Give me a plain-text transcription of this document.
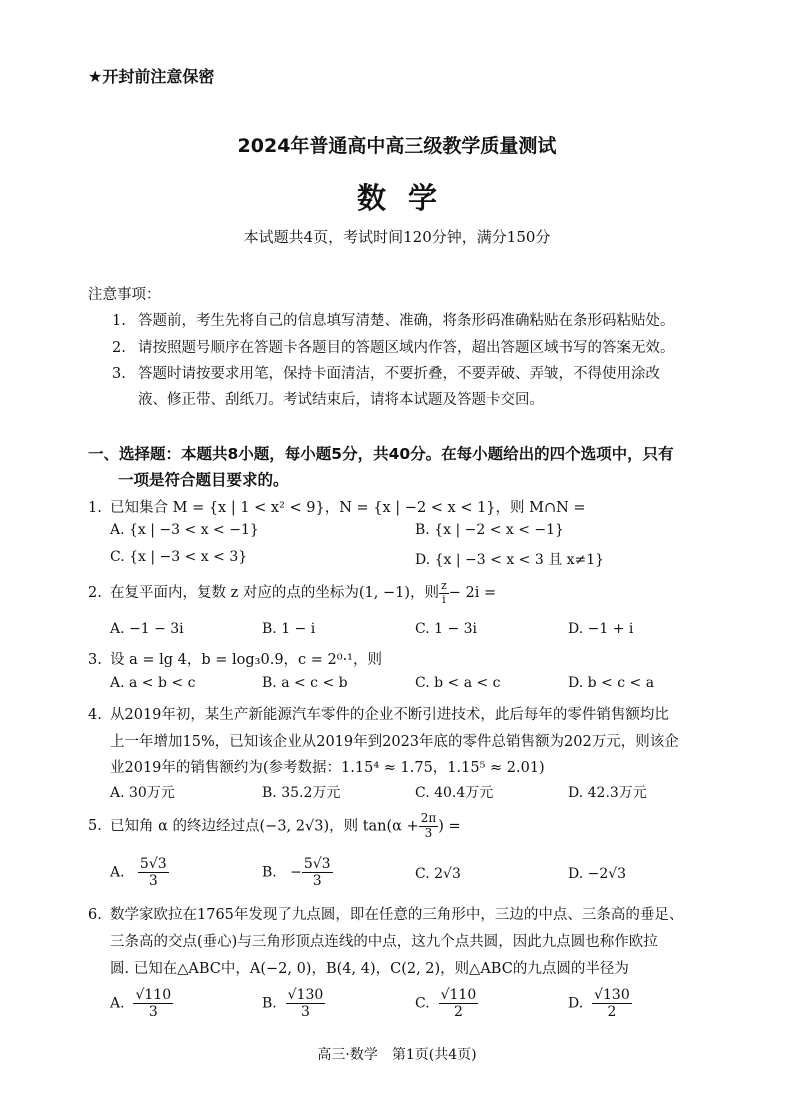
★开封前注意保密
2024年普通高中高三级教学质量测试
数学
本试题共4页，考试时间120分钟，满分150分
注意事项：
1. 答题前，考生先将自己的信息填写清楚、准确，将条形码准确粘贴在条形码粘贴处。
2. 请按照题号顺序在答题卡各题目的答题区域内作答，超出答题区域书写的答案无效。
3. 答题时请按要求用笔，保持卡面清洁，不要折叠，不要弄破、弄皱，不得使用涂改
液、修正带、刮纸刀。考试结束后，请将本试题及答题卡交回。
一、选择题：本题共8小题，每小题5分，共40分。在每小题给出的四个选项中，只有
一项是符合题目要求的。
1. 已知集合 M = {x | 1 < x² < 9}，N = {x | −2 < x < 1}，则 M∩N =
A. {x | −3 < x < −1}	B. {x | −2 < x < −1}
C. {x | −3 < x < 3}	D. {x | −3 < x < 3 且 x≠1}
2. 在复平面内，复数 z 对应的点的坐标为(1, −1)，则 $\frac{z}{i} - 2i$ =
A. −1 − 3i	B. 1 − i	C. 1 − 3i	D. −1 + i
3. 设 a = lg 4，b = log₃0.9，c = 2⁰·¹，则
A. a < b < c	B. a < c < b	C. b < a < c	D. b < c < a
4. 从2019年初，某生产新能源汽车零件的企业不断引进技术，此后每年的零件销售额均比
上一年增加15%，已知该企业从2019年到2023年底的零件总销售额为202万元，则该企
业2019年的销售额约为(参考数据：1.15⁴ ≈ 1.75，1.15⁵ ≈ 2.01)
A. 30万元	B. 35.2万元	C. 40.4万元	D. 42.3万元
5. 已知角 α 的终边经过点(−3, 2√3)，则 $\tan(\alpha + \frac{2\pi}{3}$ ) =
A. $\frac{5√3}{3}$	B. − $\frac{5√3}{3}$	C. 2√3	D. −2√3
6. 数学家欧拉在1765年发现了九点圆，即在任意的三角形中，三边的中点、三条高的垂足、
三条高的交点(垂心)与三角形顶点连线的中点，这九个点共圆，因此九点圆也称作欧拉
圆. 已知在△ABC中，A(−2, 0)，B(4, 4)，C(2, 2)，则△ABC的九点圆的半径为
A. $\frac{√110}{3}$	B. $\frac{√130}{3}$	C. $\frac{√110}{2}$	D. $\frac{√130}{2}$
高三·数学　第1页(共4页)
